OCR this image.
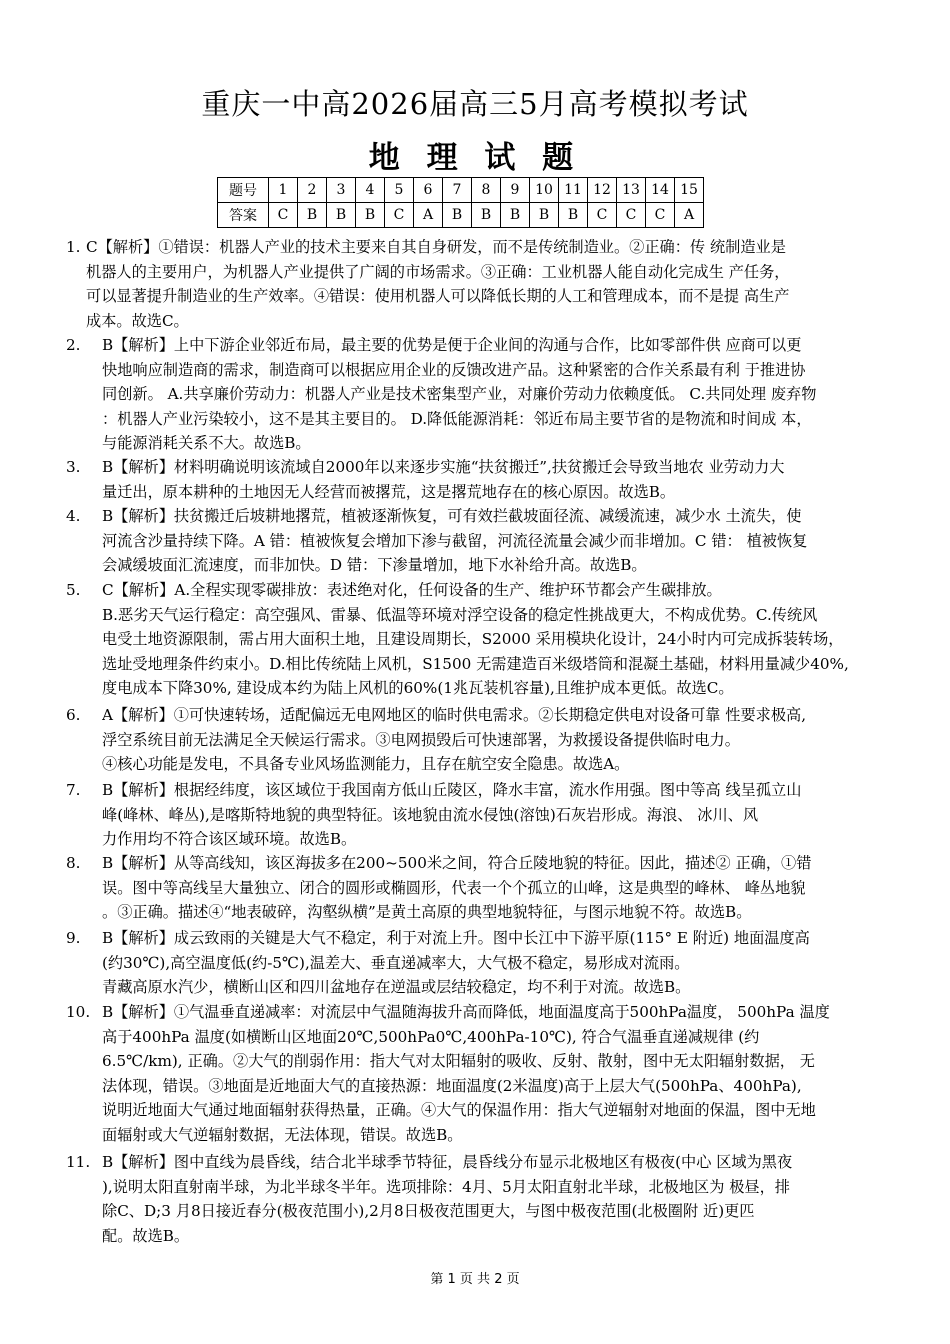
重庆一中高2026届高三5月高考模拟考试
地 理 试 题
题号	1	2	3	4	5	6	7	8	9	10	11	12	13	14	15
答案	C	B	B	B	C	A	B	B	B	B	B	C	C	C	A
1. C【解析】①错误：机器人产业的技术主要来自其自身研发，而不是传统制造业。②正确：传 统制造业是
机器人的主要用户，为机器人产业提供了广阔的市场需求。③正确：工业机器人能自动化完成生 产任务，
可以显著提升制造业的生产效率。④错误：使用机器人可以降低长期的人工和管理成本，而不是提 高生产
成本。故选C。
2. B【解析】上中下游企业邻近布局，最主要的优势是便于企业间的沟通与合作，比如零部件供 应商可以更
快地响应制造商的需求，制造商可以根据应用企业的反馈改进产品。这种紧密的合作关系最有利 于推进协
同创新。 A.共享廉价劳动力：机器人产业是技术密集型产业，对廉价劳动力依赖度低。 C.共同处理 废弃物
：机器人产业污染较小，这不是其主要目的。 D.降低能源消耗：邻近布局主要节省的是物流和时间成 本，
与能源消耗关系不大。故选B。
3. B【解析】材料明确说明该流域自2000年以来逐步实施“扶贫搬迁”,扶贫搬迁会导致当地农 业劳动力大
量迁出，原本耕种的土地因无人经营而被撂荒，这是撂荒地存在的核心原因。故选B。
4. B【解析】扶贫搬迁后坡耕地撂荒，植被逐渐恢复，可有效拦截坡面径流、减缓流速，减少水 土流失，使
河流含沙量持续下降。A 错：植被恢复会增加下渗与截留，河流径流量会减少而非增加。C 错： 植被恢复
会减缓坡面汇流速度，而非加快。D 错：下渗量增加，地下水补给升高。故选B。
5. C【解析】A.全程实现零碳排放：表述绝对化，任何设备的生产、维护环节都会产生碳排放。
B.恶劣天气运行稳定：高空强风、雷暴、低温等环境对浮空设备的稳定性挑战更大，不构成优势。C.传统风
电受土地资源限制，需占用大面积土地，且建设周期长，S2000 采用模块化设计，24小时内可完成拆装转场，
选址受地理条件约束小。D.相比传统陆上风机，S1500 无需建造百米级塔筒和混凝土基础，材料用量减少40%,
度电成本下降30%, 建设成本约为陆上风机的60%(1兆瓦装机容量),且维护成本更低。故选C。
6. A【解析】①可快速转场，适配偏远无电网地区的临时供电需求。②长期稳定供电对设备可靠 性要求极高,
浮空系统目前无法满足全天候运行需求。③电网损毁后可快速部署，为救援设备提供临时电力。
④核心功能是发电，不具备专业风场监测能力，且存在航空安全隐患。故选A。
7. B【解析】根据经纬度，该区域位于我国南方低山丘陵区，降水丰富，流水作用强。图中等高 线呈孤立山
峰(峰林、峰丛),是喀斯特地貌的典型特征。该地貌由流水侵蚀(溶蚀)石灰岩形成。海浪、 冰川、风
力作用均不符合该区域环境。故选B。
8. B【解析】从等高线知，该区海拔多在200~500米之间，符合丘陵地貌的特征。因此，描述② 正确，①错
误。图中等高线呈大量独立、闭合的圆形或椭圆形，代表一个个孤立的山峰，这是典型的峰林、 峰丛地貌
。③正确。描述④“地表破碎，沟壑纵横”是黄土高原的典型地貌特征，与图示地貌不符。故选B。
9. B【解析】成云致雨的关键是大气不稳定，利于对流上升。图中长江中下游平原(115° E 附近) 地面温度高
(约30℃),高空温度低(约-5℃),温差大、垂直递减率大，大气极不稳定，易形成对流雨。
青藏高原水汽少，横断山区和四川盆地存在逆温或层结较稳定，均不利于对流。故选B。
10. B【解析】①气温垂直递减率：对流层中气温随海拔升高而降低，地面温度高于500hPa温度， 500hPa 温度
高于400hPa 温度(如横断山区地面20℃,500hPa0℃,400hPa-10℃), 符合气温垂直递减规律 (约
6.5℃/km), 正确。②大气的削弱作用：指大气对太阳辐射的吸收、反射、散射，图中无太阳辐射数据， 无
法体现，错误。③地面是近地面大气的直接热源：地面温度(2米温度)高于上层大气(500hPa、400hPa),
说明近地面大气通过地面辐射获得热量，正确。④大气的保温作用：指大气逆辐射对地面的保温，图中无地
面辐射或大气逆辐射数据，无法体现，错误。故选B。
11. B【解析】图中直线为晨昏线，结合北半球季节特征，晨昏线分布显示北极地区有极夜(中心 区域为黑夜
),说明太阳直射南半球，为北半球冬半年。选项排除：4月、5月太阳直射北半球，北极地区为 极昼，排
除C、D;3 月8日接近春分(极夜范围小),2月8日极夜范围更大，与图中极夜范围(北极圈附 近)更匹
配。故选B。
第 1 页 共 2 页
